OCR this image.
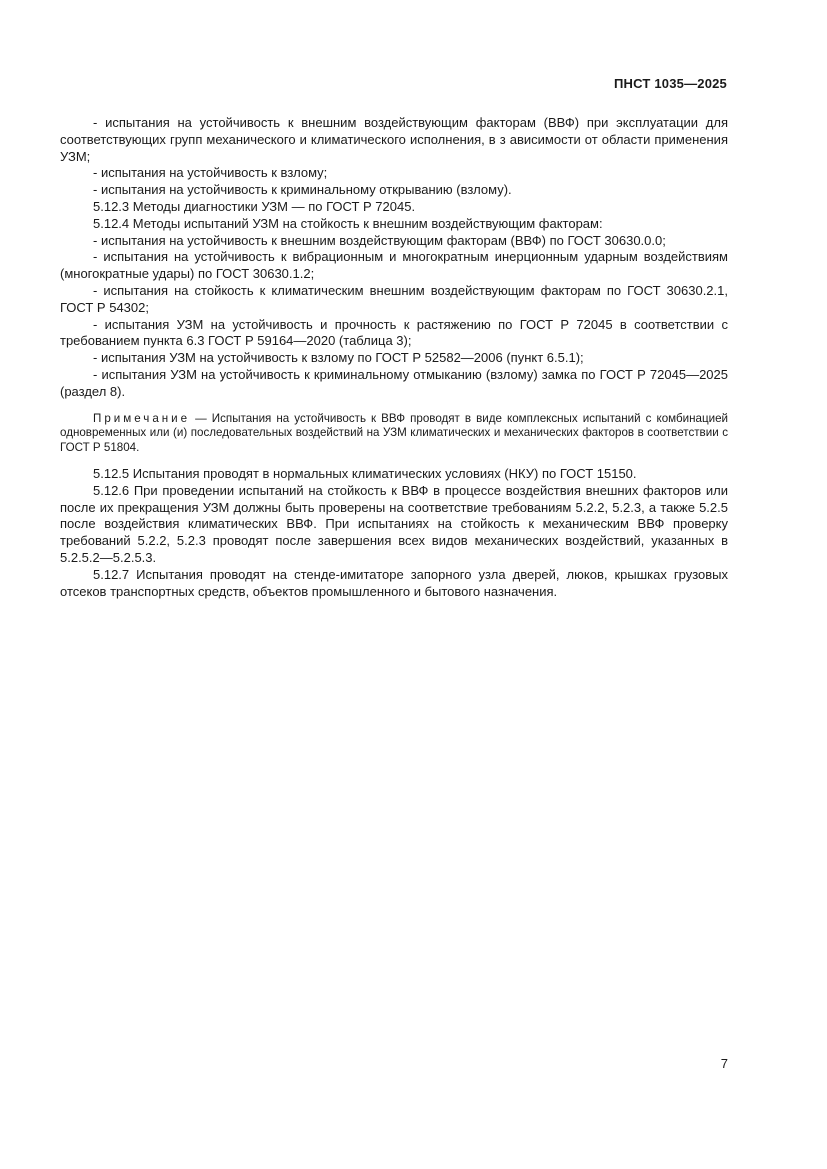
ПНСТ 1035—2025

- испытания на устойчивость к внешним воздействующим факторам (ВВФ) при эксплуатации для соответствующих групп механического и климатического исполнения, в з ависимости от области применения УЗМ;

- испытания на устойчивость к взлому;

- испытания на устойчивость к криминальному открыванию (взлому).

5.12.3 Методы диагностики УЗМ — по ГОСТ Р 72045.

5.12.4 Методы испытаний УЗМ на стойкость к внешним воздействующим факторам:

- испытания на устойчивость к внешним воздействующим факторам (ВВФ) по ГОСТ 30630.0.0;

- испытания на устойчивость к вибрационным и многократным инерционным ударным воздействиям (многократные удары) по ГОСТ 30630.1.2;

- испытания на стойкость к климатическим внешним воздействующим факторам по ГОСТ 30630.2.1, ГОСТ Р 54302;

- испытания УЗМ на устойчивость и прочность к растяжению по ГОСТ Р 72045 в соответствии с требованием пункта 6.3 ГОСТ Р 59164—2020 (таблица 3);

- испытания УЗМ на устойчивость к взлому по ГОСТ Р 52582—2006 (пункт 6.5.1);

- испытания УЗМ на устойчивость к криминальному отмыканию (взлому) замка по ГОСТ Р 72045—2025 (раздел 8).

Примечание — Испытания на устойчивость к ВВФ проводят в виде комплексных испытаний с комбинацией одновременных или (и) последовательных воздействий на УЗМ климатических и механических факторов в соответствии с ГОСТ Р 51804.

5.12.5 Испытания проводят в нормальных климатических условиях (НКУ) по ГОСТ 15150.

5.12.6 При проведении испытаний на стойкость к ВВФ в процессе воздействия внешних факторов или после их прекращения УЗМ должны быть проверены на соответствие требованиям 5.2.2, 5.2.3, а также 5.2.5 после воздействия климатических ВВФ. При испытаниях на стойкость к механическим ВВФ проверку требований 5.2.2, 5.2.3 проводят после завершения всех видов механических воздействий, указанных в 5.2.5.2—5.2.5.3.

5.12.7 Испытания проводят на стенде-имитаторе запорного узла дверей, люков, крышках грузовых отсеков транспортных средств, объектов промышленного и бытового назначения.

7
